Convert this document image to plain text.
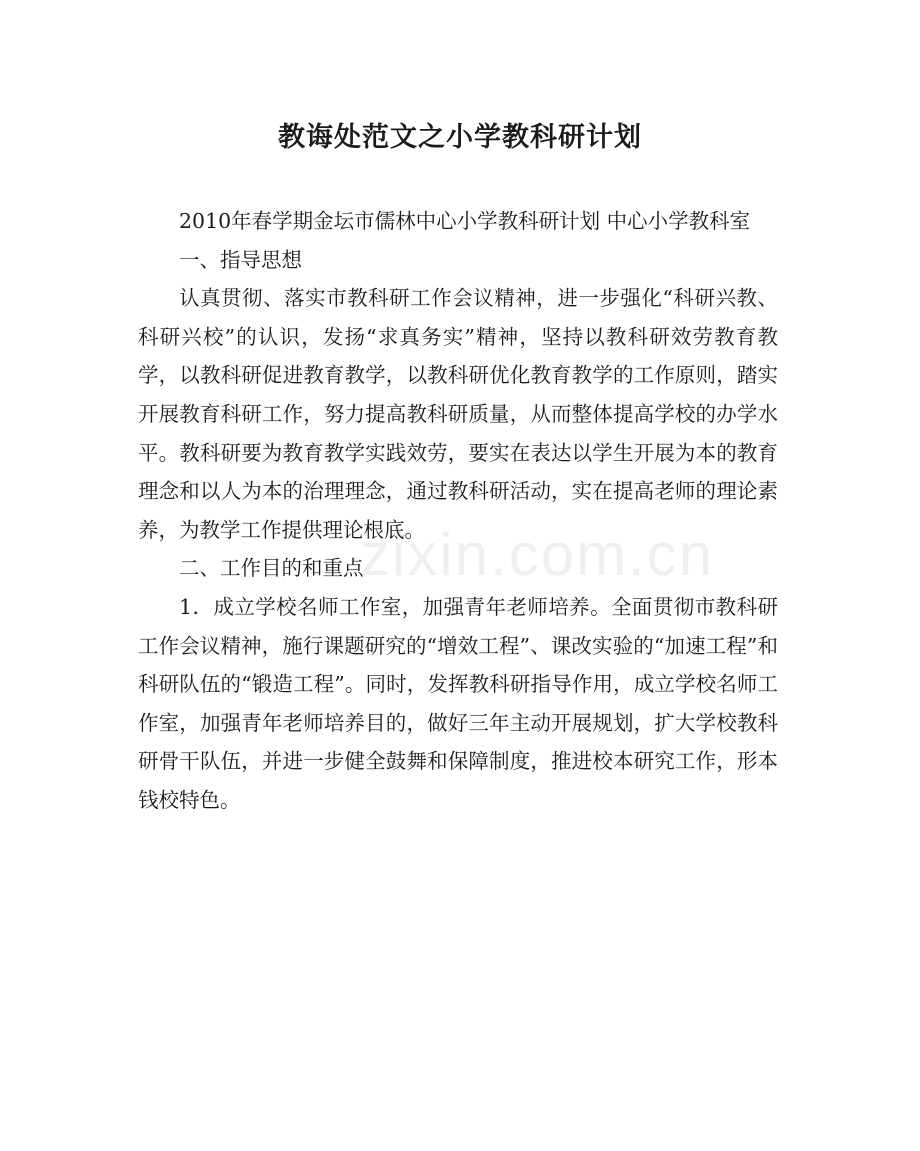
教诲处范文之小学教科研计划

2010年春学期金坛市儒林中心小学教科研计划 中心小学教科室

一、指导思想

认真贯彻、落实市教科研工作会议精神，进一步强化“科研兴教、科研兴校”的认识，发扬“求真务实”精神，坚持以教科研效劳教育教学，以教科研促进教育教学，以教科研优化教育教学的工作原则，踏实开展教育科研工作，努力提高教科研质量，从而整体提高学校的办学水平。教科研要为教育教学实践效劳，要实在表达以学生开展为本的教育理念和以人为本的治理理念，通过教科研活动，实在提高老师的理论素养，为教学工作提供理论根底。

二、工作目的和重点

1．成立学校名师工作室，加强青年老师培养。全面贯彻市教科研工作会议精神，施行课题研究的“增效工程”、课改实验的“加速工程”和科研队伍的“锻造工程”。同时，发挥教科研指导作用，成立学校名师工作室，加强青年老师培养目的，做好三年主动开展规划，扩大学校教科研骨干队伍，并进一步健全鼓舞和保障制度，推进校本研究工作，形本钱校特色。

zixin.com.cn
